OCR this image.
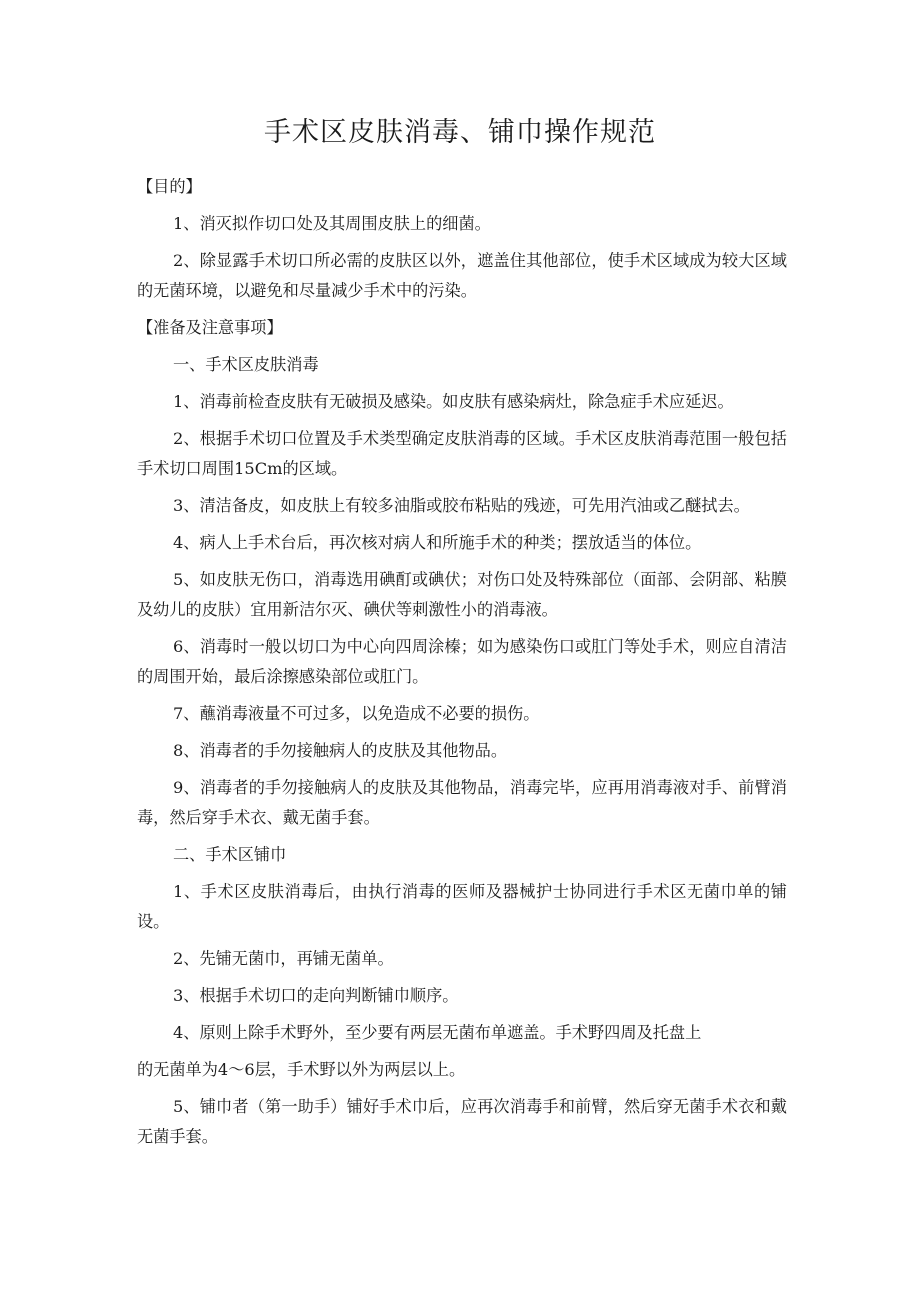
手术区皮肤消毒、铺巾操作规范

【目的】

1、消灭拟作切口处及其周围皮肤上的细菌。

2、除显露手术切口所必需的皮肤区以外，遮盖住其他部位，使手术区域成为较大区域的无菌环境，以避免和尽量减少手术中的污染。

【准备及注意事项】

一、手术区皮肤消毒

1、消毒前检查皮肤有无破损及感染。如皮肤有感染病灶，除急症手术应延迟。

2、根据手术切口位置及手术类型确定皮肤消毒的区域。手术区皮肤消毒范围一般包括手术切口周围15Cm的区域。

3、清洁备皮，如皮肤上有较多油脂或胶布粘贴的残迹，可先用汽油或乙醚拭去。

4、病人上手术台后，再次核对病人和所施手术的种类；摆放适当的体位。

5、如皮肤无伤口，消毒选用碘酊或碘伏；对伤口处及特殊部位（面部、会阴部、粘膜及幼儿的皮肤）宜用新洁尔灭、碘伏等刺激性小的消毒液。

6、消毒时一般以切口为中心向四周涂榛；如为感染伤口或肛门等处手术，则应自清洁的周围开始，最后涂擦感染部位或肛门。

7、蘸消毒液量不可过多，以免造成不必要的损伤。

8、消毒者的手勿接触病人的皮肤及其他物品。

9、消毒者的手勿接触病人的皮肤及其他物品，消毒完毕，应再用消毒液对手、前臂消毒，然后穿手术衣、戴无菌手套。

二、手术区铺巾

1、手术区皮肤消毒后，由执行消毒的医师及器械护士协同进行手术区无菌巾单的铺设。

2、先铺无菌巾，再铺无菌单。

3、根据手术切口的走向判断铺巾顺序。

4、原则上除手术野外，至少要有两层无菌布单遮盖。手术野四周及托盘上

的无菌单为4～6层，手术野以外为两层以上。

5、铺巾者（第一助手）铺好手术巾后，应再次消毒手和前臂，然后穿无菌手术衣和戴无菌手套。
